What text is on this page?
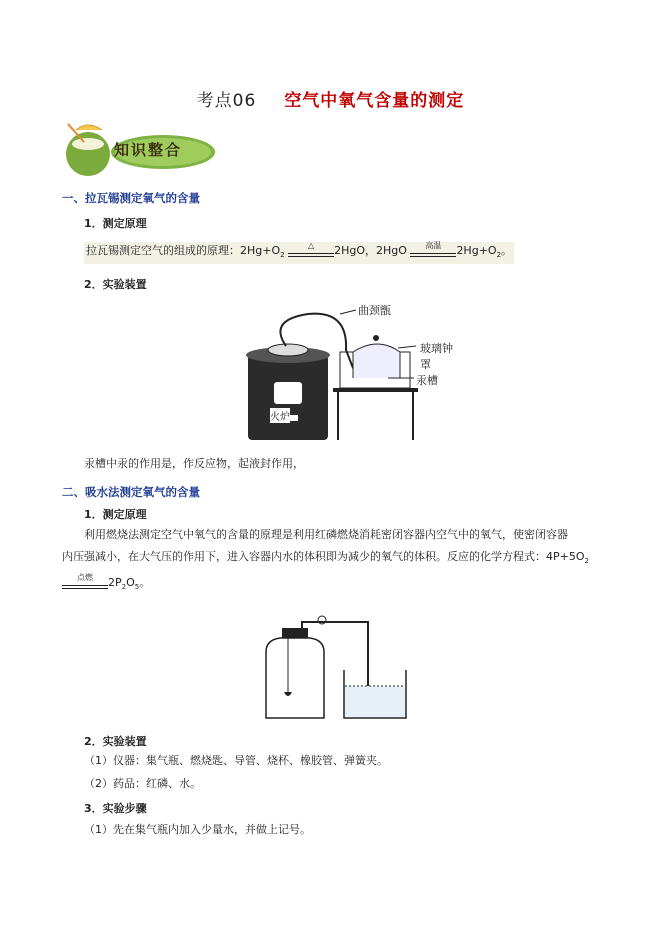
考点06 空气中氧气含量的测定
知识整合
一、拉瓦锡测定氧气的含量
1．测定原理
拉瓦锡测定空气的组成的原理：$2Hg+O_2$
△	2HgO，2HgO	高温	$2Hg+O_2$。
2．实验装置
曲颈甑
玻璃钟罩
汞槽
火炉
汞槽中汞的作用是，作反应物，起液封作用，
二、吸水法测定氧气的含量
1．测定原理
利用燃烧法测定空气中氧气的含量的原理是利用红磷燃烧消耗密闭容器内空气中的氧气，使密闭容器
内压强减小，在大气压的作用下，进入容器内水的体积即为减少的氧气的体积。反应的化学方程式：$4P+5O_2$
点燃	$2P_2O_5$。
2．实验装置
（1）仪器：集气瓶、燃烧匙、导管、烧杯、橡胶管、弹簧夹。
（2）药品：红磷、水。
3．实验步骤
（1）先在集气瓶内加入少量水，并做上记号。
